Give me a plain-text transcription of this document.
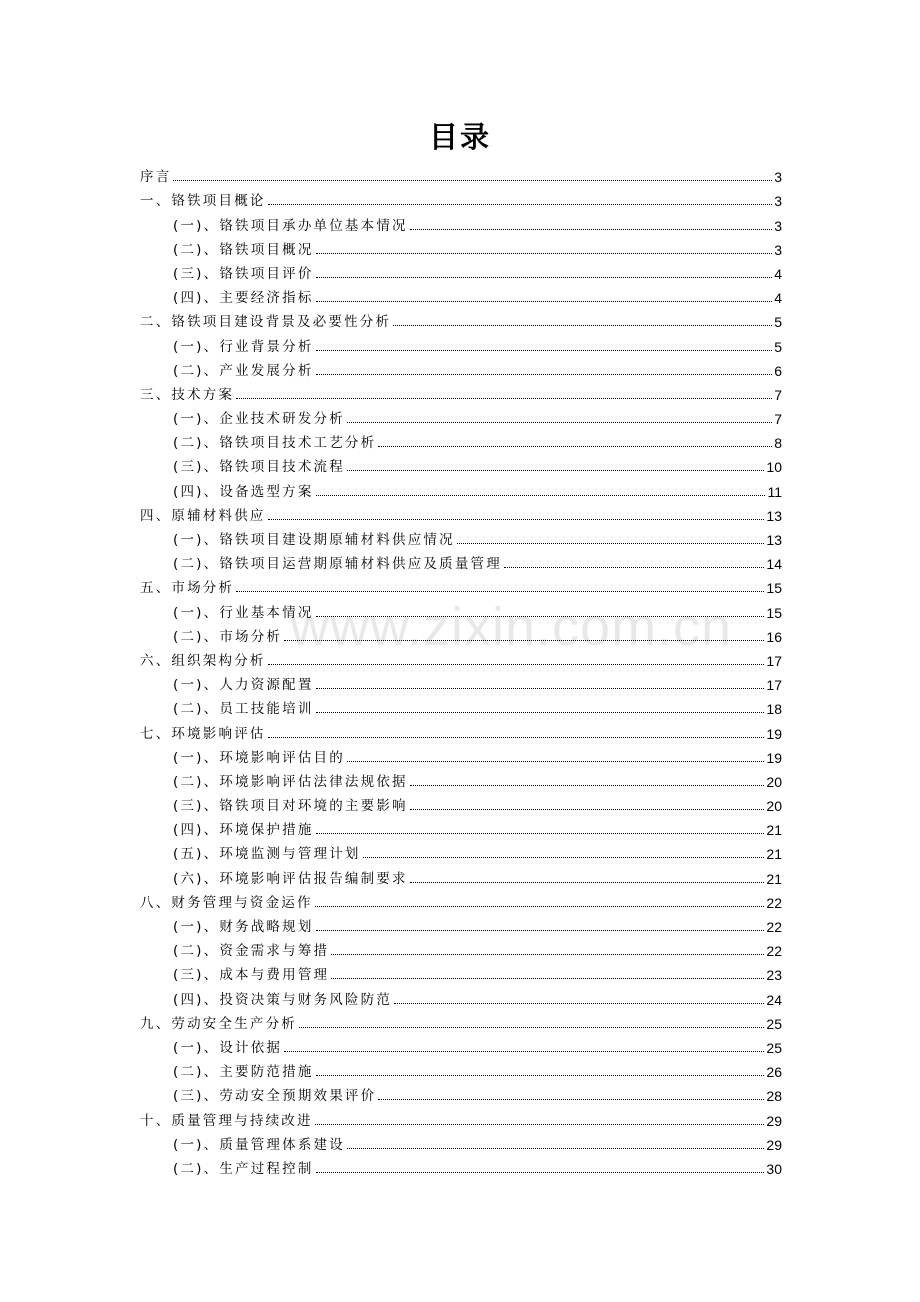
目录
序言	3
一、铬铁项目概论	3
(一)、铬铁项目承办单位基本情况	3
(二)、铬铁项目概况	3
(三)、铬铁项目评价	4
(四)、主要经济指标	4
二、铬铁项目建设背景及必要性分析	5
(一)、行业背景分析	5
(二)、产业发展分析	6
三、技术方案	7
(一)、企业技术研发分析	7
(二)、铬铁项目技术工艺分析	8
(三)、铬铁项目技术流程	10
(四)、设备选型方案	11
四、原辅材料供应	13
(一)、铬铁项目建设期原辅材料供应情况	13
(二)、铬铁项目运营期原辅材料供应及质量管理	14
五、市场分析	15
(一)、行业基本情况	15
(二)、市场分析	16
六、组织架构分析	17
(一)、人力资源配置	17
(二)、员工技能培训	18
七、环境影响评估	19
(一)、环境影响评估目的	19
(二)、环境影响评估法律法规依据	20
(三)、铬铁项目对环境的主要影响	20
(四)、环境保护措施	21
(五)、环境监测与管理计划	21
(六)、环境影响评估报告编制要求	21
八、财务管理与资金运作	22
(一)、财务战略规划	22
(二)、资金需求与筹措	22
(三)、成本与费用管理	23
(四)、投资决策与财务风险防范	24
九、劳动安全生产分析	25
(一)、设计依据	25
(二)、主要防范措施	26
(三)、劳动安全预期效果评价	28
十、质量管理与持续改进	29
(一)、质量管理体系建设	29
(二)、生产过程控制	30
www.zixin.com.cn
